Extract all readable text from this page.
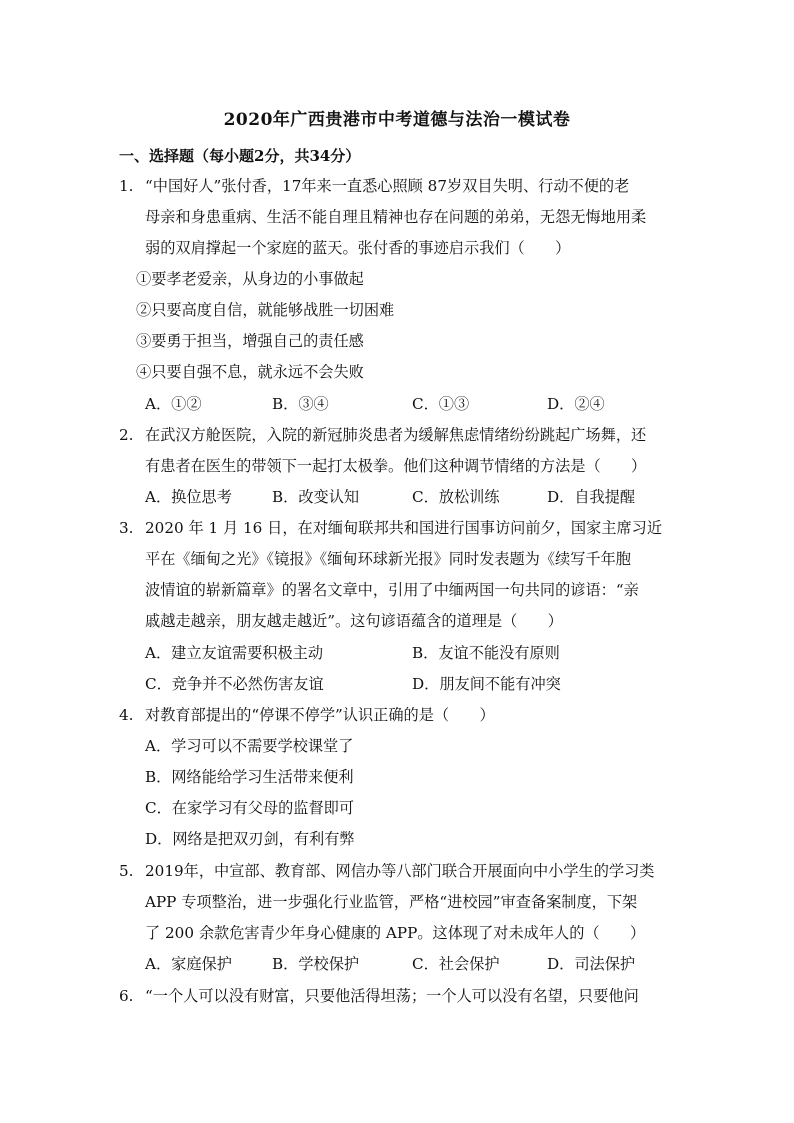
2020年广西贵港市中考道德与法治一模试卷
一、选择题（每小题2分，共34分）
1. “中国好人”张付香，17年来一直悉心照顾 87岁双目失明、行动不便的老
母亲和身患重病、生活不能自理且精神也存在问题的弟弟，无怨无悔地用柔
弱的双肩撑起一个家庭的蓝天。张付香的事迹启示我们（　　）
①要孝老爱亲，从身边的小事做起
②只要高度自信，就能够战胜一切困难
③要勇于担当，增强自己的责任感
④只要自强不息，就永远不会失败
A．①②	B．③④	C．①③	D．②④
2. 在武汉方舱医院，入院的新冠肺炎患者为缓解焦虑情绪纷纷跳起广场舞，还
有患者在医生的带领下一起打太极拳。他们这种调节情绪的方法是（　　）
A．换位思考	B．改变认知	C．放松训练	D．自我提醒
3. 2020 年 1 月 16 日，在对缅甸联邦共和国进行国事访问前夕，国家主席习近
平在《缅甸之光》《镜报》《缅甸环球新光报》同时发表题为《续写千年胞
波情谊的崭新篇章》的署名文章中，引用了中缅两国一句共同的谚语：“亲
戚越走越亲，朋友越走越近”。这句谚语蕴含的道理是（　　）
A．建立友谊需要积极主动	B．友谊不能没有原则
C．竞争并不必然伤害友谊	D．朋友间不能有冲突
4. 对教育部提出的“停课不停学”认识正确的是（　　）
A．学习可以不需要学校课堂了
B．网络能给学习生活带来便利
C．在家学习有父母的监督即可
D．网络是把双刃剑，有利有弊
5. 2019年，中宣部、教育部、网信办等八部门联合开展面向中小学生的学习类
APP 专项整治，进一步强化行业监管，严格“进校园”审查备案制度，下架
了 200 余款危害青少年身心健康的 APP。这体现了对未成年人的（　　）
A．家庭保护	B．学校保护	C．社会保护	D．司法保护
6. “一个人可以没有财富，只要他活得坦荡；一个人可以没有名望，只要他问
